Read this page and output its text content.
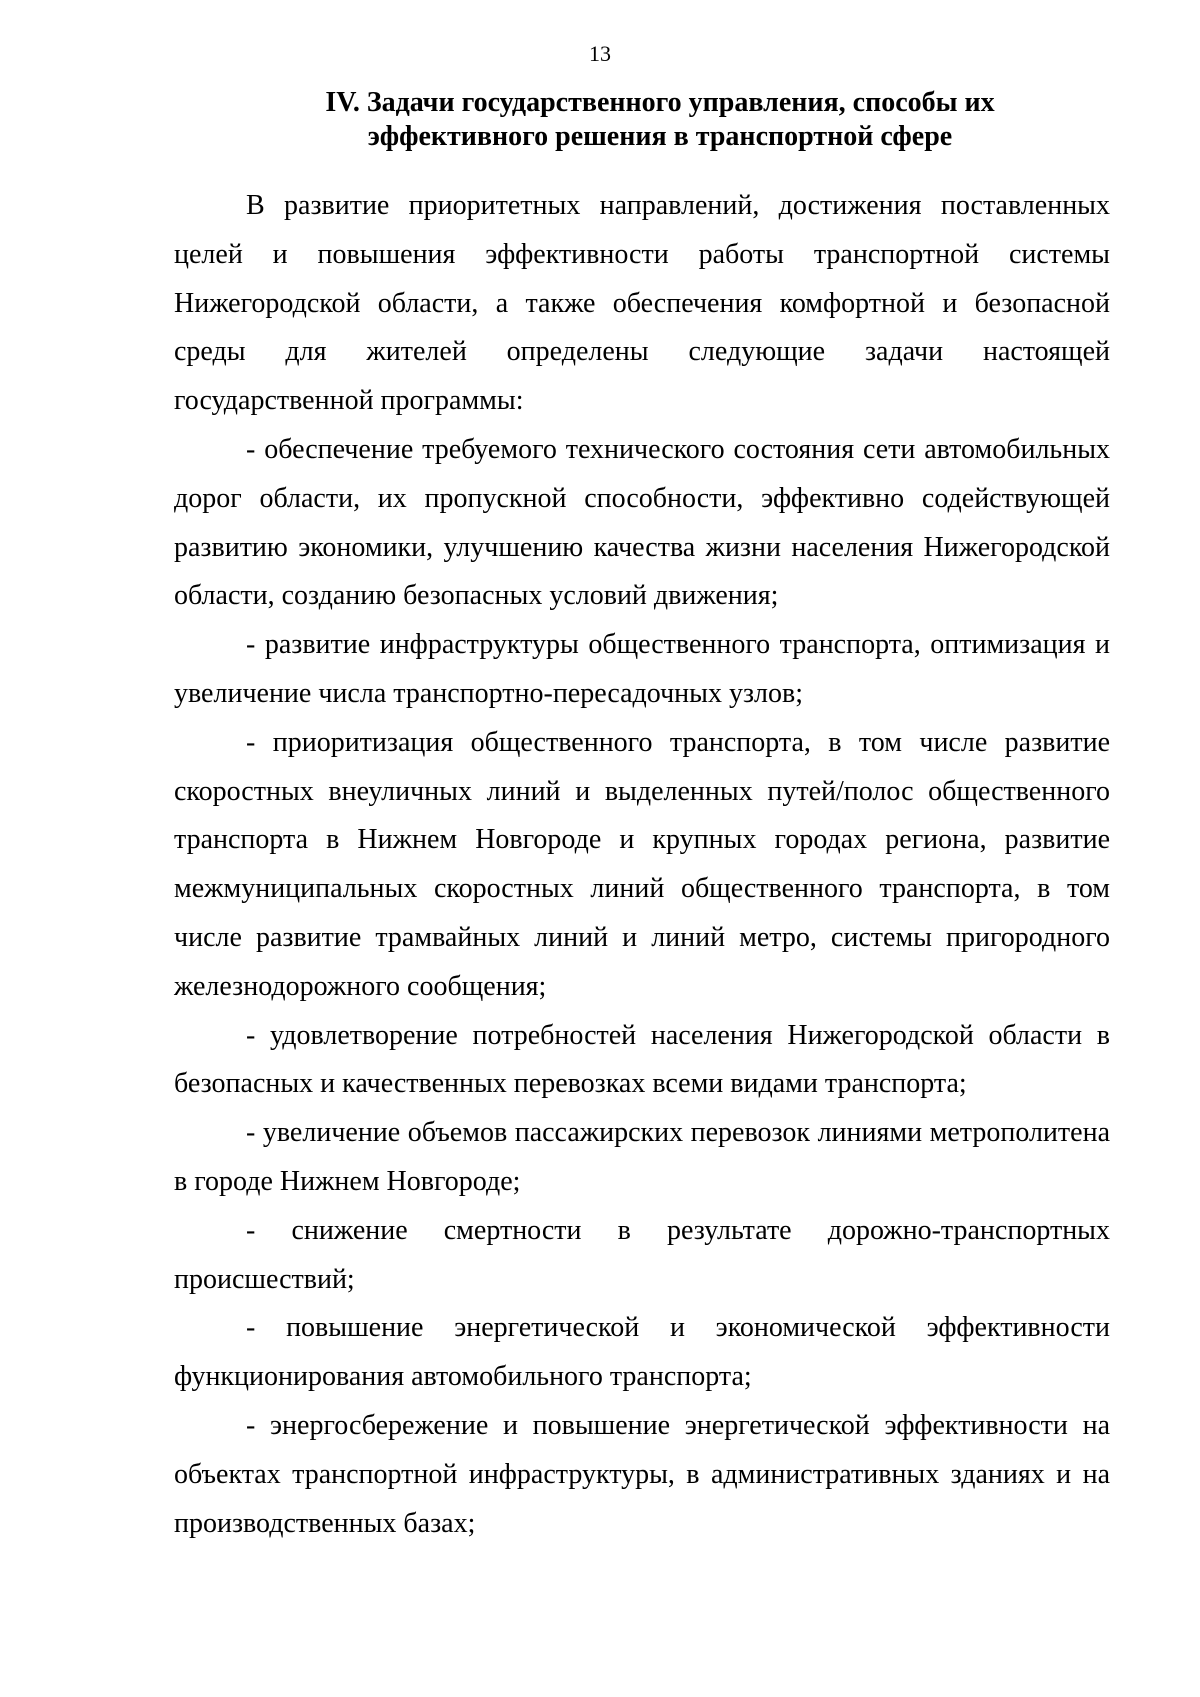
13
IV. Задачи государственного управления, способы их
эффективного решения в транспортной сфере

В развитие приоритетных направлений, достижения поставленных целей и повышения эффективности работы транспортной системы Нижегородской области, а также обеспечения комфортной и безопасной среды для жителей определены следующие задачи настоящей государственной программы:

- обеспечение требуемого технического состояния сети автомобильных дорог области, их пропускной способности, эффективно содействующей развитию экономики, улучшению качества жизни населения Нижегородской области, созданию безопасных условий движения;

- развитие инфраструктуры общественного транспорта, оптимизация и увеличение числа транспортно-пересадочных узлов;

- приоритизация общественного транспорта, в том числе развитие скоростных внеуличных линий и выделенных путей/полос общественного транспорта в Нижнем Новгороде и крупных городах региона, развитие межмуниципальных скоростных линий общественного транспорта, в том числе развитие трамвайных линий и линий метро, системы пригородного железнодорожного сообщения;

- удовлетворение потребностей населения Нижегородской области в безопасных и качественных перевозках всеми видами транспорта;

- увеличение объемов пассажирских перевозок линиями метрополитена в городе Нижнем Новгороде;

- снижение смертности в результате дорожно-транспортных происшествий;

- повышение энергетической и экономической эффективности функционирования автомобильного транспорта;

- энергосбережение и повышение энергетической эффективности на объектах транспортной инфраструктуры, в административных зданиях и на производственных базах;
